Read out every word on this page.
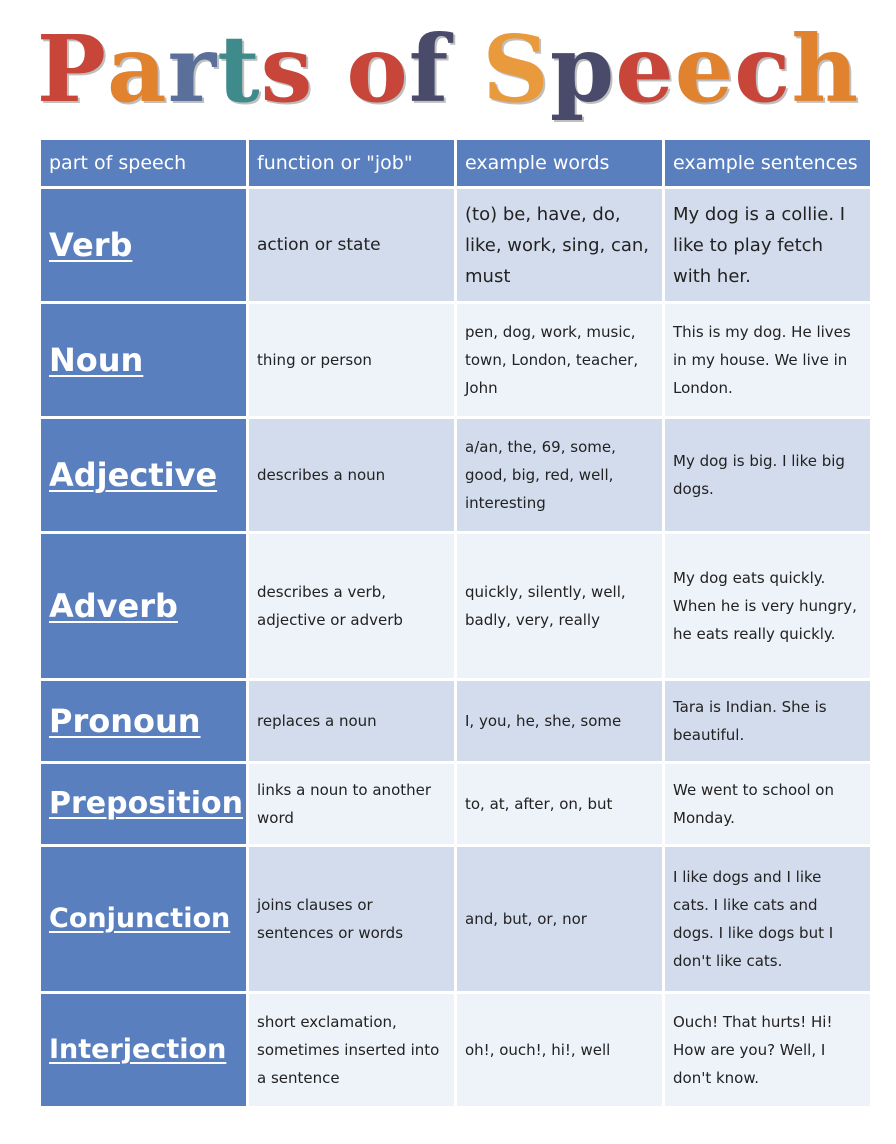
Parts of Speech
part of speech	function or "job"	example words	example sentences
Verb	action or state	(to) be, have, do, like, work, sing, can, must	My dog is a collie. I like to play fetch with her.
Noun	thing or person	pen, dog, work, music, town, London, teacher, John	This is my dog. He lives in my house. We live in London.
Adjective	describes a noun	a/an, the, 69, some, good, big, red, well, interesting	My dog is big. I like big dogs.
Adverb	describes a verb, adjective or adverb	quickly, silently, well, badly, very, really	My dog eats quickly. When he is very hungry, he eats really quickly.
Pronoun	replaces a noun	I, you, he, she, some	Tara is Indian. She is beautiful.
Preposition	links a noun to another word	to, at, after, on, but	We went to school on Monday.
Conjunction	joins clauses or sentences or words	and, but, or, nor	I like dogs and I like cats. I like cats and dogs. I like dogs but I don't like cats.
Interjection	short exclamation, sometimes inserted into a sentence	oh!, ouch!, hi!, well	Ouch! That hurts! Hi! How are you? Well, I don't know.
